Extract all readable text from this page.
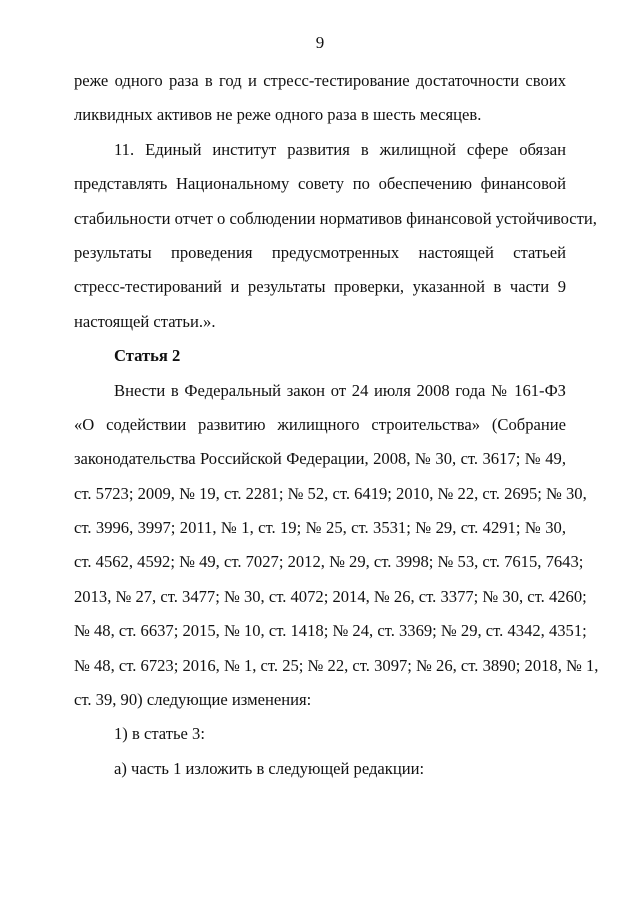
9
реже одного раза в год и стресс-тестирование достаточности своих
ликвидных активов не реже одного раза в шесть месяцев.
11. Единый институт развития в жилищной сфере обязан
представлять Национальному совету по обеспечению финансовой
стабильности отчет о соблюдении нормативов финансовой устойчивости,
результаты проведения предусмотренных настоящей статьей
стресс-тестирований и результаты проверки, указанной в части 9
настоящей статьи.».
Статья 2
Внести в Федеральный закон от 24 июля 2008 года № 161-ФЗ
«О содействии развитию жилищного строительства» (Собрание
законодательства Российской Федерации, 2008, № 30, ст. 3617; № 49,
ст. 5723; 2009, № 19, ст. 2281; № 52, ст. 6419; 2010, № 22, ст. 2695; № 30,
ст. 3996, 3997; 2011, № 1, ст. 19; № 25, ст. 3531; № 29, ст. 4291; № 30,
ст. 4562, 4592; № 49, ст. 7027; 2012, № 29, ст. 3998; № 53, ст. 7615, 7643;
2013, № 27, ст. 3477; № 30, ст. 4072; 2014, № 26, ст. 3377; № 30, ст. 4260;
№ 48, ст. 6637; 2015, № 10, ст. 1418; № 24, ст. 3369; № 29, ст. 4342, 4351;
№ 48, ст. 6723; 2016, № 1, ст. 25; № 22, ст. 3097; № 26, ст. 3890; 2018, № 1,
ст. 39, 90) следующие изменения:
1) в статье 3:
а) часть 1 изложить в следующей редакции:
